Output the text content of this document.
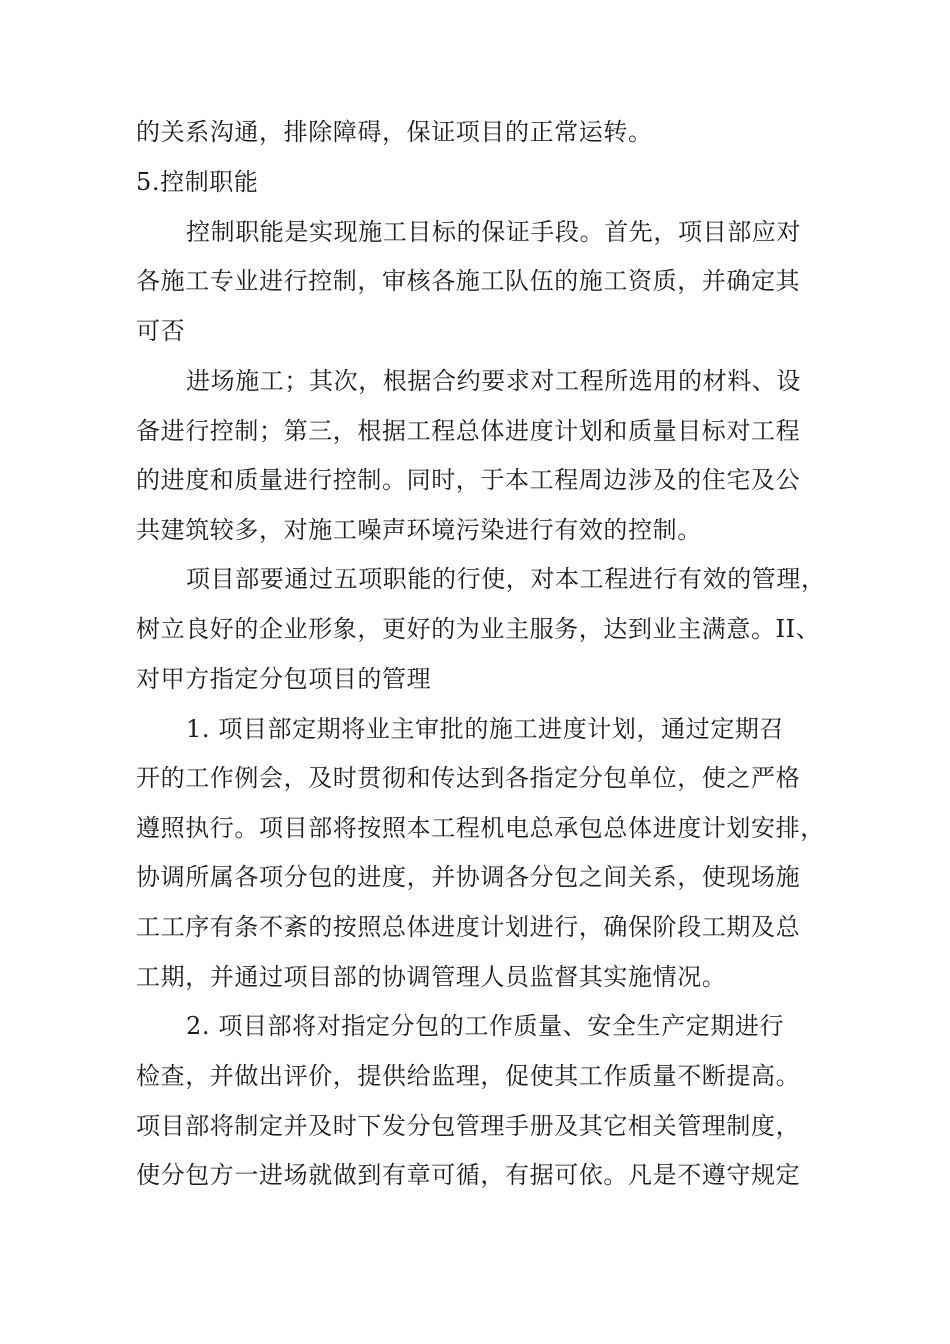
的关系沟通，排除障碍，保证项目的正常运转。
5.控制职能
控制职能是实现施工目标的保证手段。首先，项目部应对
各施工专业进行控制，审核各施工队伍的施工资质，并确定其
可否
进场施工；其次，根据合约要求对工程所选用的材料、设
备进行控制；第三，根据工程总体进度计划和质量目标对工程
的进度和质量进行控制。同时，于本工程周边涉及的住宅及公
共建筑较多，对施工噪声环境污染进行有效的控制。
项目部要通过五项职能的行使，对本工程进行有效的管理，
树立良好的企业形象，更好的为业主服务，达到业主满意。II、
对甲方指定分包项目的管理
1. 项目部定期将业主审批的施工进度计划，通过定期召
开的工作例会，及时贯彻和传达到各指定分包单位，使之严格
遵照执行。项目部将按照本工程机电总承包总体进度计划安排，
协调所属各项分包的进度，并协调各分包之间关系，使现场施
工工序有条不紊的按照总体进度计划进行，确保阶段工期及总
工期，并通过项目部的协调管理人员监督其实施情况。
2. 项目部将对指定分包的工作质量、安全生产定期进行
检查，并做出评价，提供给监理，促使其工作质量不断提高。
项目部将制定并及时下发分包管理手册及其它相关管理制度，
使分包方一进场就做到有章可循，有据可依。凡是不遵守规定
